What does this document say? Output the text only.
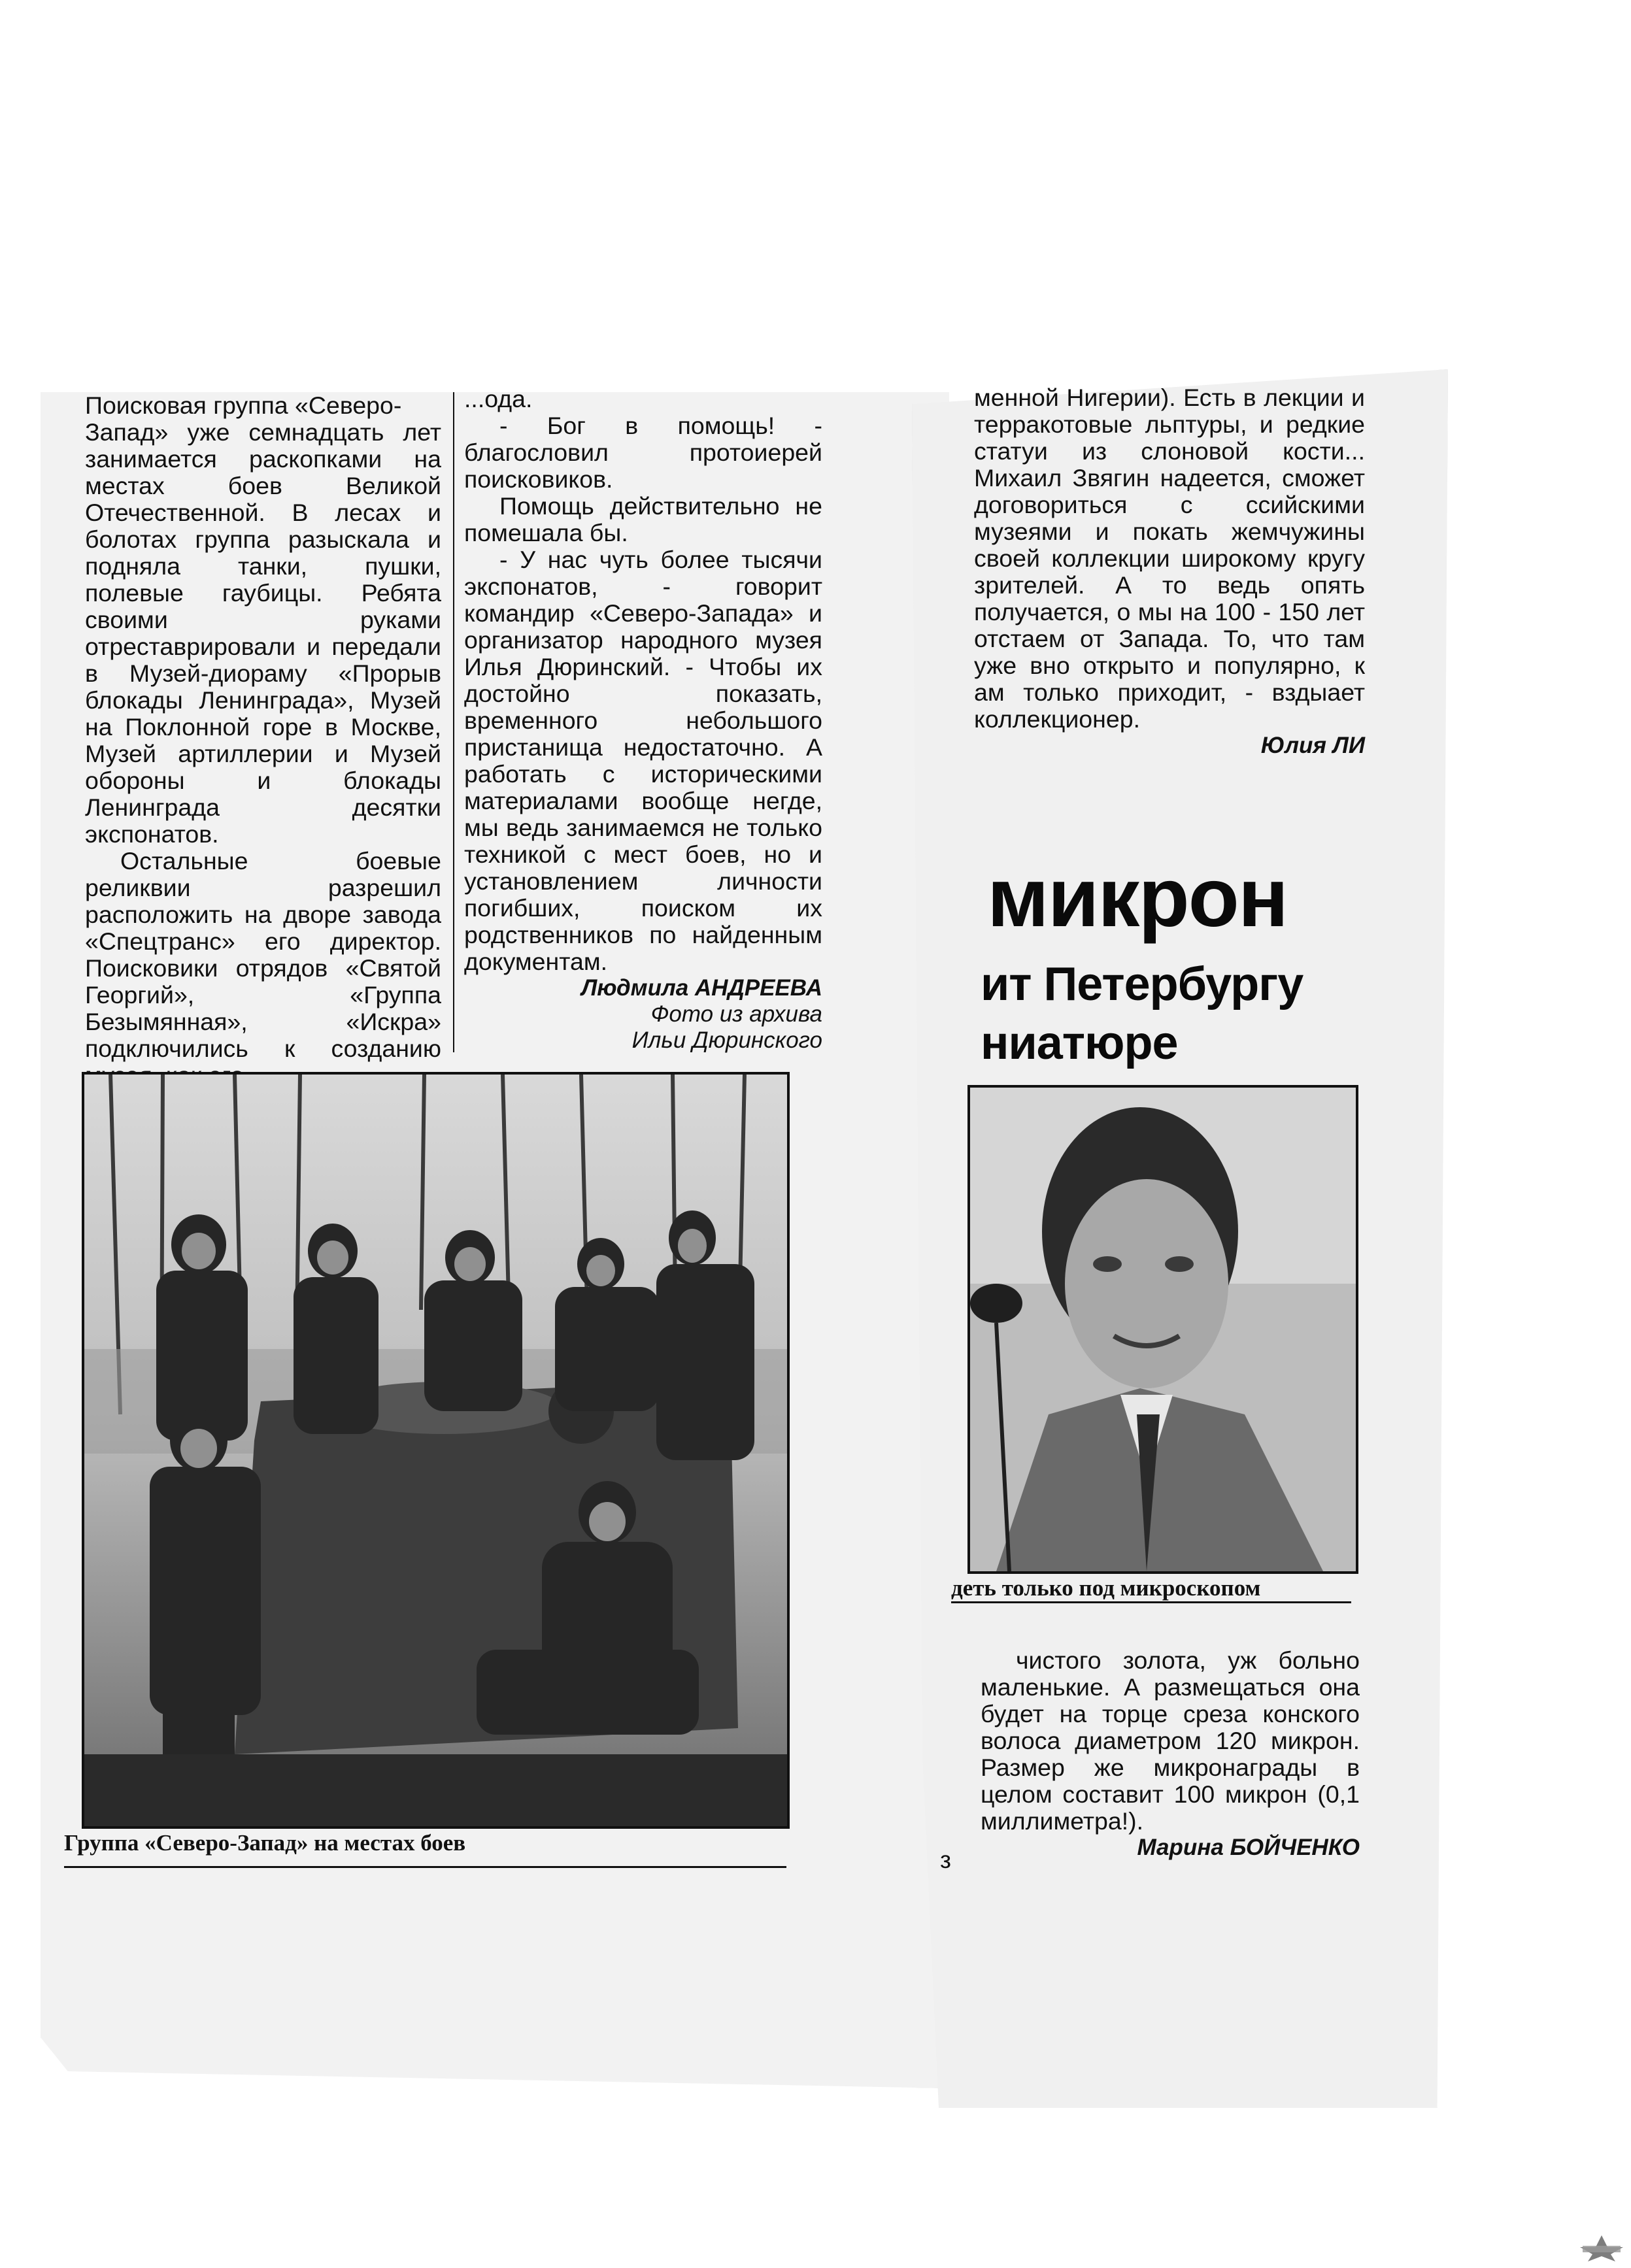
Поисковая группа «Северо-

Запад» уже семнадцать лет занимается раскопками на местах боев Великой Отечественной. В лесах и болотах группа разыскала и подняла танки, пушки, полевые гаубицы. Ребята своими руками отреставрировали и передали в Музей-диораму «Прорыв блокады Ленинграда», Музей на Поклонной горе в Москве, Музей артиллерии и Музей обороны и блокады Ленинграда десятки экспонатов.

Остальные боевые реликвии разрешил расположить на дворе завода «Спецтранс» его директор. Поисковики отрядов «Святой Георгий», «Группа Безымянная», «Искра» подключились к созданию

...ода.

- Бог в помощь! - благословил протоиерей поисковиков.

Помощь действительно не помешала бы.

- У нас чуть более тысячи экспонатов, - говорит командир «Северо-Запада» и организатор народного музея Илья Дюринский. - Чтобы их достойно показать, временного небольшого пристанища недостаточно. А работать с историческими материалами вообще негде, мы ведь занимаемся не только техникой с мест боев, но и установлением личности погибших, поиском их родственников по найденным документам.

Людмила АНДРЕЕВА

Фото из архива

Ильи Дюринского

Группа «Северо-Запад» на местах боев

менной Нигерии). Есть в лекции и терракотовые льптуры, и редкие статуи из слоновой кости... Михаил Звягин надеется, сможет договориться с ссийскими музеями и покать жемчужины своей коллекции широкому кругу зрителей. А то ведь опять получается, о мы на 100 - 150 лет отстаем от Запада. То, что там уже вно открыто и популярно, к ам только приходит, - вздыает коллекционер.

Юлия ЛИ

микрон
ит Петербургу
ниатюре
деть только под микроскопом

чистого золота, уж больно маленькие. А размещаться она будет на торце среза конского волоса диаметром 120 микрон. Размер же микронаграды в целом составит 100 микрон (0,1 миллиметра!).

Марина БОЙЧЕНКО

з
